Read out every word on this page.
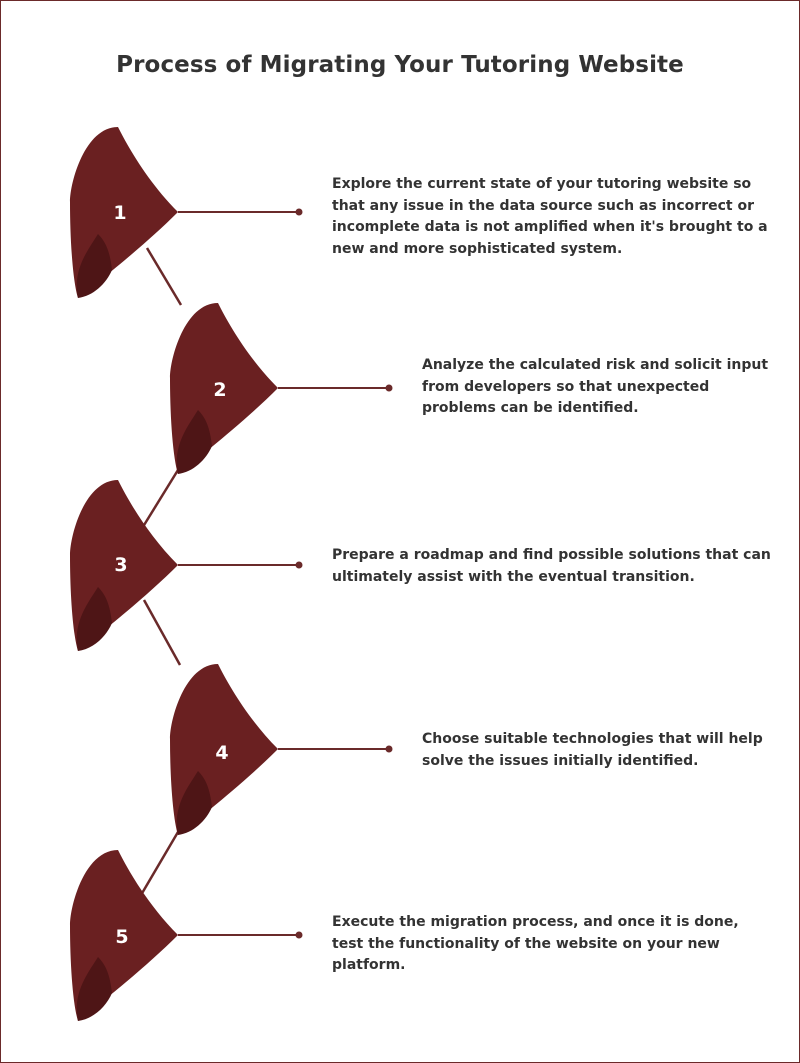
Process of Migrating Your Tutoring Website
1
2
3
4
5
Explore the current state of your tutoring website so that any issue in the data source such as incorrect or incomplete data is not amplified when it's brought to a new and more sophisticated system.
Analyze the calculated risk and solicit input from developers so that unexpected problems can be identified.
Prepare a roadmap and find possible solutions that can ultimately assist with the eventual transition.
Choose suitable technologies that will help solve the issues initially identified.
Execute the migration process, and once it is done, test the functionality of the website on your new platform.
